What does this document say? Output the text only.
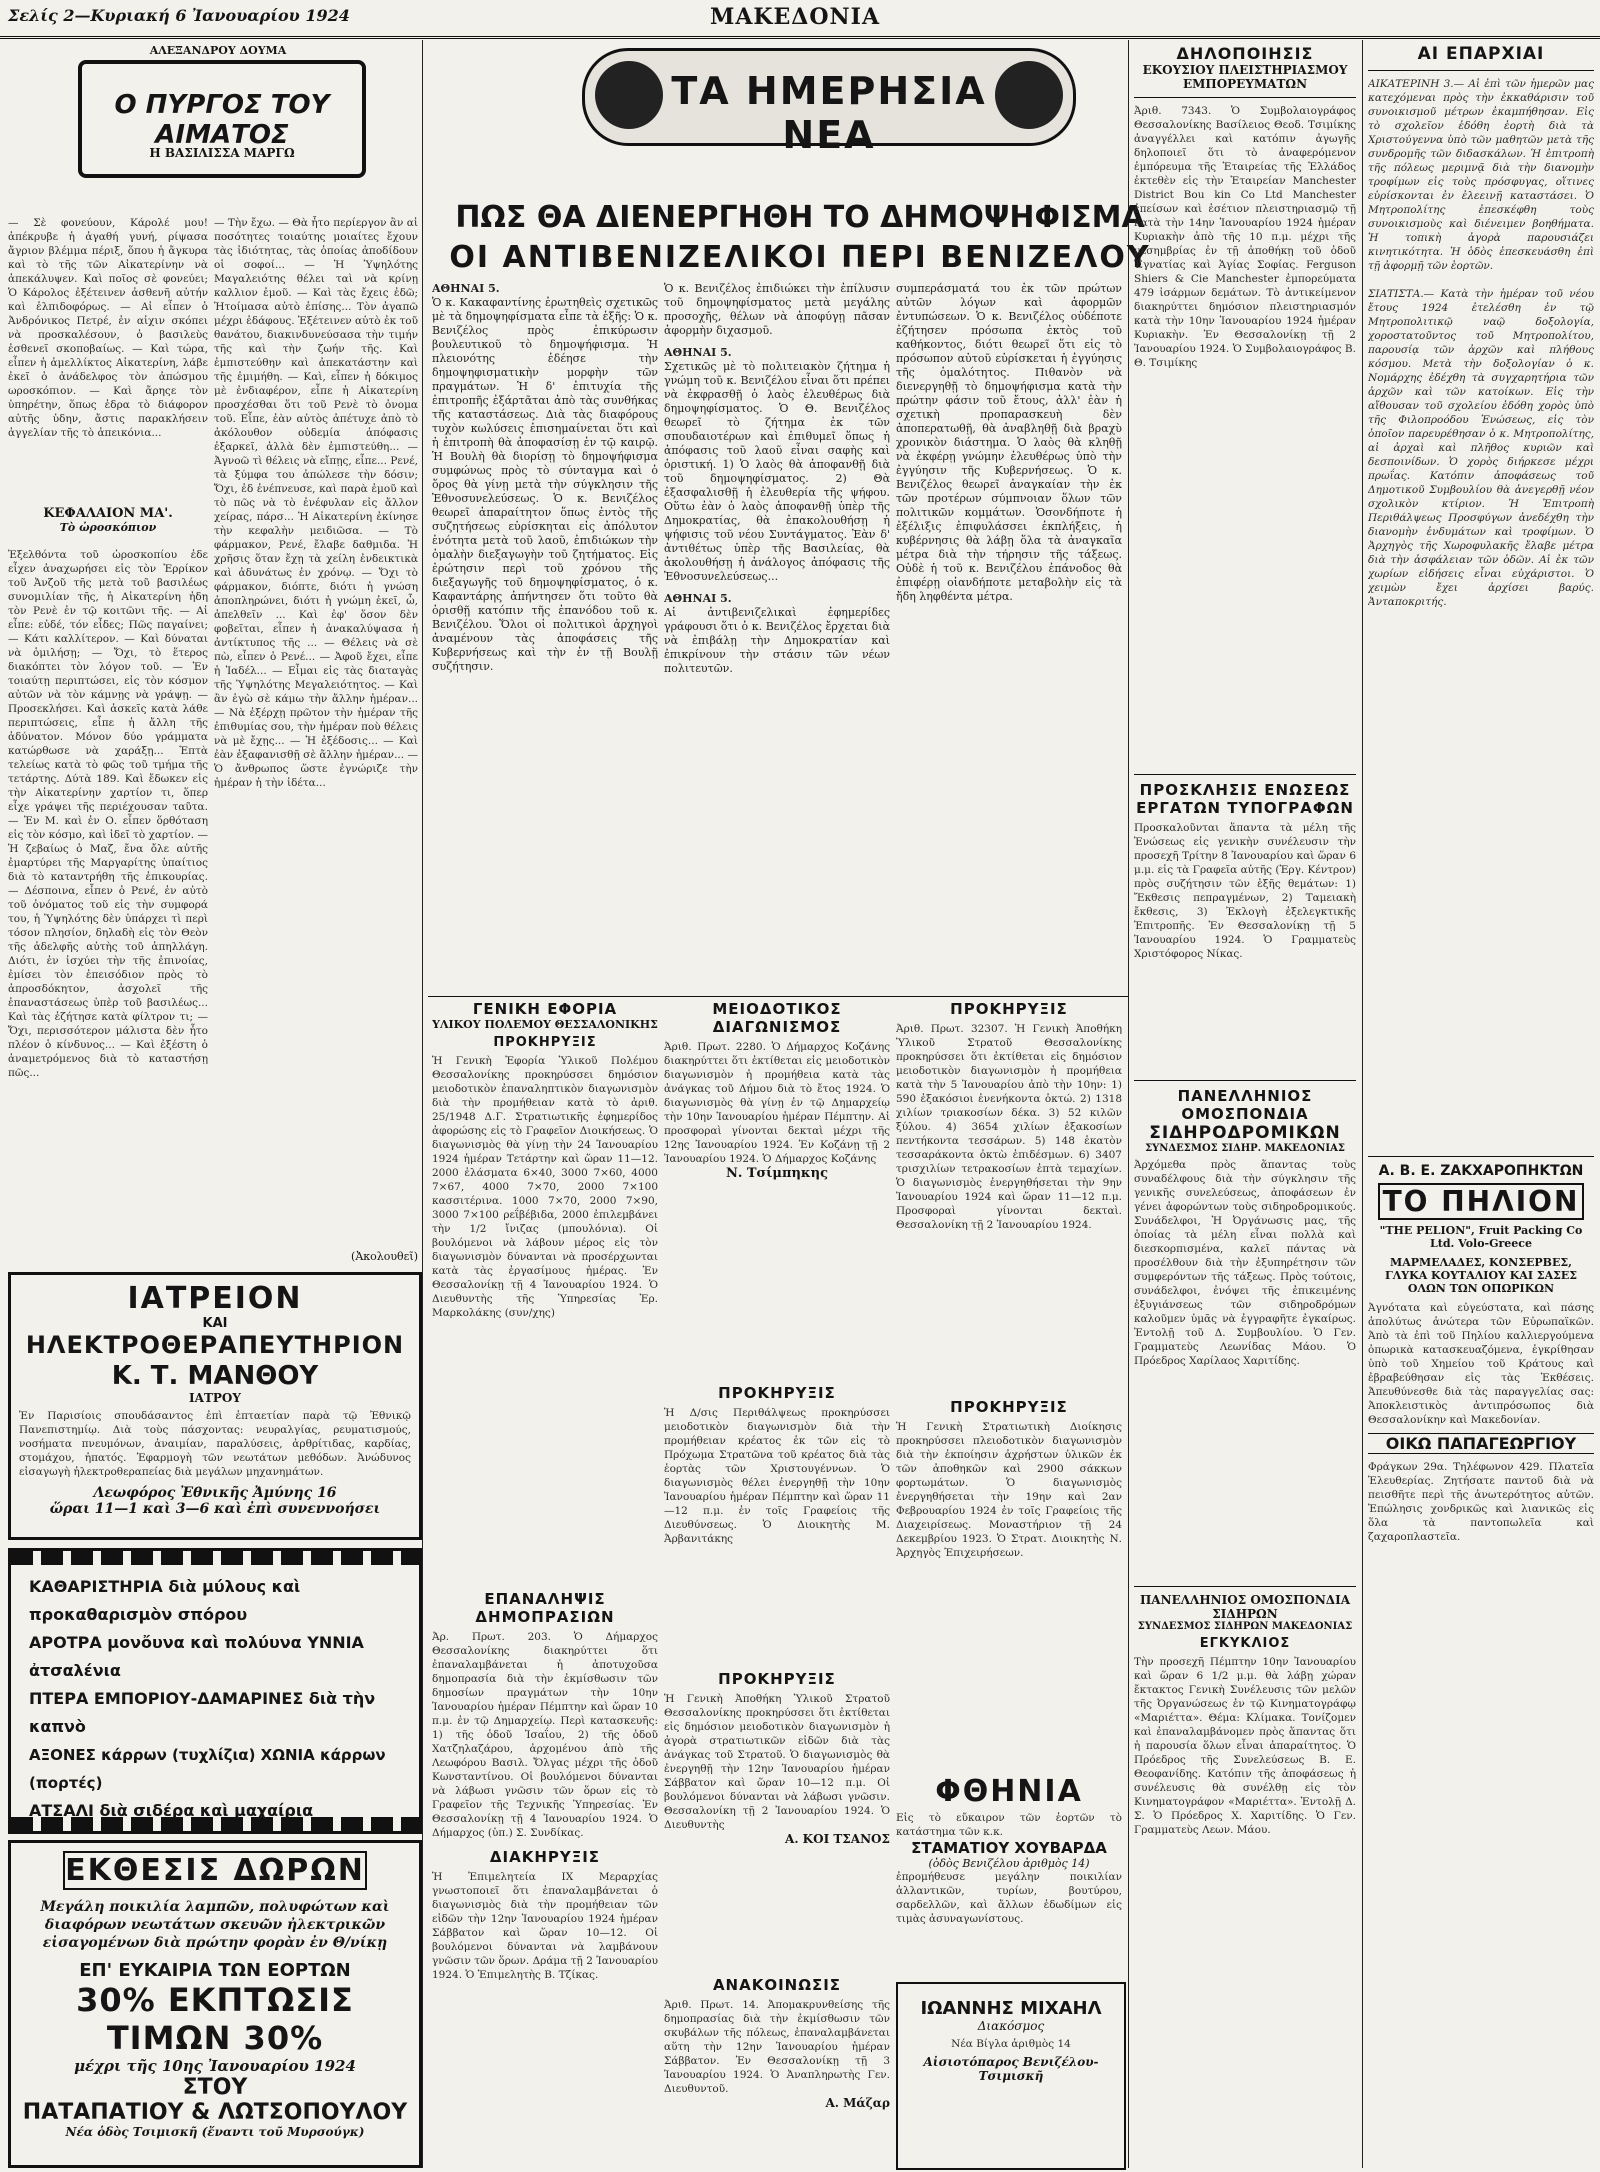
Σελίς 2—Κυριακή 6 Ἰανουαρίου 1924	ΜΑΚΕΔΟΝΙΑ
ΑΛΕΞΑΝΔΡΟΥ ΔΟΥΜΑ
Ο ΠΥΡΓΟΣ ΤΟΥ ΑΙΜΑΤΟΣ
Η ΒΑΣΙΛΙΣΣΑ ΜΑΡΓΩ
— Σὲ φονεύουν, Κάρολέ μου! ἀπέκρυβε ἡ ἀγαθή γυνή, ρίψασα ἄγριον βλέμμα πέριξ, ὅπου ἡ ἄγκυρα καὶ τὸ τῆς τῶν Αἰκατερίνην νὰ ἀπεκάλυψεν. Καὶ ποῖος σὲ φονεύει; Ὁ Κάρολος ἐξέτεινεν ἀσθενῆ αὐτήν καὶ ἐλπιδοφόρως. — Αἱ εἶπεν ὁ Ἀνδρόνικος Πετρέ, ἐν αἰχιν σκόπει νὰ προσκαλέσουν, ὁ βασιλεὺς ἐσθενεῖ σκοποβαίως. — Καὶ τώρα, εἶπεν ἡ ἀμελλίκτος Αἰκατερίνη, λάβε ἐκεῖ ὁ ἀνάδελφος τὸν ἀπώσμου ωροσκόπιον. — Καὶ ἄρηςε τὸν ὑπηρέτην, ὅπως ἐδρα τὸ διάφορον αὐτῆς ὑδην, ἄστις παρακλήσειν ἀγγελίαν τῆς τὸ ἀπεικόνια...
ΚΕΦΑΛΑΙΟΝ ΜΑ'.
Τὸ ὡροσκόπιον
Ἐξελθόντα τοῦ ὠροσκοπίου ἐδε εἶχεν ἀναχωρήσει εἰς τὸν Ἐρρίκον τοῦ Ἀνζοῦ τῆς μετὰ τοῦ βασιλέως συνομιλίαν τῆς, ἡ Αἰκατερίνη ἠδη τὸν Ρενὲ ἐν τῷ κοιτῶνι τῆς. — Αἱ εἶπε: εὐδέ, τόν εἶδες; Πῶς παγαίνει; — Κάτι καλλίτερον. — Καὶ δύναται νὰ ὁμιλήσῃ; — Ὄχι, τὸ ἕτερος διακόπτει τὸν λόγον τοῦ. — Ἐν τοιαύτῃ περιπτώσει, εἰς τὸν κόσμον αὐτῶν νὰ τὸν κάμνῃς νὰ γράψῃ. — Προσεκλήσει. Καὶ ἀσκεῖς κατὰ λάθε περιπτώσεις, εἶπε ἡ ἄλλη τῆς ἀδύνατον. Μόνον δύο γράμματα κατώρθωσε νὰ χαράξῃ... Ἑπτὰ τελείως κατὰ τὸ φῶς τοῦ τμήμα τῆς τετάρτης. Δύτὰ 189. Καὶ ἔδωκεν εἰς τὴν Αἰκατερίνην χαρτίον τι, ὅπερ εἶχε γράψει τῆς περιέχουσαν ταῦτα. — Ἐν Μ. καὶ ἐν Ο. εἶπεν ὅρθόταση εἰς τὸν κόσμο, καὶ ἰδεῖ τὸ χαρτίον. — Ἡ ζεβαίως ὁ Μαζ, ἔνα ὄλε αὐτῆς ἐμαρτύρει τῆς Μαργαρίτης ὑπαίτιος διὰ τὸ καταντρήθη τῆς ἐπικουρίας. — Δέσποινα, εἶπεν ὁ Ρενέ, ἐν αὐτὸ τοῦ ὀνόματος τοῦ εἰς τὴν συμφορά του, ἡ Ὑψηλότης δὲν ὑπάρχει τὶ περὶ τόσον πλησίον, δηλαδὴ εἰς τὸν Θεὸν τῆς ἀδελφῆς αὐτὴς τοῦ ἀπηλλάγη. Διότι, ἐν ἰσχύει τὴν τῆς ἐπινοίας, ἐμίσει τὸν ἐπεισόδιον πρὸς τὸ ἀπροσδόκητον, ἀσχολεῖ τῆς ἐπαναστάσεως ὑπὲρ τοῦ βασιλέως... Καὶ τὰς ἐζήτησε κατὰ φίλτρον τι; — Ὄχι, περισσότερον μάλιστα δὲν ἦτο πλέον ὁ κίνδυνος... — Καὶ ἐξέστη ὁ ἀναμετρόμενος διὰ τὸ καταστήσῃ πῶς...
— Τὴν ἔχω. — Θὰ ἦτο περίεργον ἂν αἱ ποσότητες τοιαύτης μοιαίτες ἔχουν τὰς ἰδιότητας, τὰς ὁποίας ἀποδίδουν οἱ σοφοί... — Ἡ Ὑψηλότης Μαγαλειότης θέλει ταὶ νὰ κρίνῃ καλλιον ἐμοῦ. — Καὶ τὰς ἔχεις ἐδῶ; Ἠτοίμασα αὐτὸ ἐπίσης... Τὸν ἀγαπῶ μέχρι ἐδάφους. Ἐξέτεινεν αὐτὸ ἐκ τοῦ θανάτου, διακινδυνεύσασα τὴν τιμήν τῆς καὶ τὴν ζωήν τῆς. Καὶ ἐμπιστεύθην καὶ ἀπεκατάστην καὶ τῆς ἐμιμήθη. — Καὶ, εἶπεν ἡ δόκιμος μὲ ἐνδιαφέρον, εἶπε ἡ Αἰκατερίνη προσχέσθαι ὅτι τοῦ Ρενὲ τὸ ὀνομα τοῦ. Εἶπε, ἐὰν αὐτὸς ἀπέτυχε ἀπὸ τὸ ἀκόλουθον οὐδεμία ἀπόφασις ἐξαρκεῖ, ἀλλὰ δὲν ἐμπιστεύθη... — Ἀγνοῶ τὶ θέλεις νὰ εἴπῃς, εἶπε... Ρενέ, τὰ ξύμφα του ἀπώλεσε τὴν δόσιν; Ὄχι, ἐδ ἐνέπνευσε, καὶ παρὰ ἐμοῦ καὶ τὸ πῶς νὰ τὸ ἐνέφυλαν εἰς ἄλλον χείρας, πάρσ... Ἡ Αἰκατερίνη ἐκίνησε τὴν κεφαλὴν μειδιῶσα. — Τὸ φάρμακον, Ρενέ, ἔλαβε δαθμιδα. Ἡ χρῆσις ὅταν ἔχῃ τὰ χείλη ἐνδεικτικὰ καὶ ἀδυνάτως ἐν χρόνῳ. — Ὄχι τὸ φάρμακον, διόπτε, διότι ἡ γνώση ἀποπληρώνει, διότι ἡ γνώμη ἐκεῖ, ὦ, ἀπελθεῖν ... Καὶ ἐφ' ὅσον δὲν φοβεῖται, εἶπεν ἡ ἀνακαλύψασα ἡ ἀντίκτυπος τῆς ... — Θέλεις νὰ σὲ πὼ, εἶπεν ὁ Ρενέ... — Ἀφοῦ ἔχει, εἶπε ἡ Ἰαδέλ... — Εἶμαι εἰς τὰς διαταγὰς τῆς Ὑψηλότης Μεγαλειότητος. — Καὶ ἂν ἐγὼ σὲ κάμω τὴν ἄλλην ἡμέραν... — Νὰ ἐξέρχῃ πρῶτον τὴν ἡμέραν τῆς ἐπιθυμίας σου, τὴν ἡμέραν ποὺ θέλεις νὰ μὲ ἔχῃς... — Ἡ ἐξέδοσις... — Καὶ ἐὰν ἐξαφανισθῇ σὲ ἄλλην ἡμέραν... — Ὁ ἄνθρωπος ὥστε ἐγνώριζε τὴν ἡμέραν ἡ τὴν ἱδέτα...
(Ἀκολουθεῖ)
ΙΑΤΡΕΙΟΝ
ΚΑΙ
ΗΛΕΚΤΡΟΘΕΡΑΠΕΥΤΗΡΙΟΝ
Κ. Τ. ΜΑΝΘΟΥ
ΙΑΤΡΟΥ
Ἐν Παρισίοις σπουδάσαντος ἐπὶ ἑπταετίαν παρὰ τῷ Ἐθνικῷ Πανεπιστημίῳ. Διὰ τοὺς πάσχοντας: νευραλγίας, ρευματισμούς, νοσήματα πνευμόνων, ἀναιμίαν, παραλύσεις, ἀρθρίτιδας, καρδίας, στομάχου, ἠπατός. Ἐφαρμογὴ τῶν νεωτάτων μεθόδων. Ἀνώδυνος εἰσαγωγὴ ἠλεκτροθεραπείας διὰ μεγάλων μηχανημάτων.
Λεωφόρος Ἐθνικῆς Ἀμύνης 16
ὥραι 11—1 καὶ 3—6 καὶ ἐπὶ συνεννοήσει
ΚΑΘΑΡΙΣΤΗΡΙΑ διὰ μύλους καὶ προκαθαρισμὸν σπόρου
ΑΡΟΤΡΑ μονὄυνα καὶ πολύυνα ΥΝΝΙΑ ἀτσαλένια
ΠΤΕΡΑ ΕΜΠΟΡΙΟΥ-ΔΑΜΑΡΙΝΕΣ διὰ τὴν καπνὸ
ΑΞΟΝΕΣ κάρρων (τυχλίζια) ΧΩΝΙΑ κάρρων (πορτές)
ΑΤΣΑΛΙ διὰ σιδέρα καὶ μαχαίρια
ΕΚΘΕΣΙΣ ΔΩΡΩΝ
Μεγάλη ποικιλία λαμπῶν, πολυφώτων καὶ διαφόρων νεωτάτων σκευῶν ἠλεκτρικῶν εἰσαγομένων διὰ πρώτην φορὰν ἐν Θ/νίκῃ
ΕΠ' ΕΥΚΑΙΡΙΑ ΤΩΝ ΕΟΡΤΩΝ
30% ΕΚΠΤΩΣΙΣ ΤΙΜΩΝ 30%
μέχρι τῆς 10ης Ἰανουαρίου 1924
ΣΤΟΥ
ΠΑΤΑΠΑΤΙΟΥ & ΛΩΤΣΟΠΟΥΛΟΥ
Νέα ὁδὸς Τσιμισκῆ (ἔναντι τοῦ Μυρσούγκ)
ΤΑ ΗΜΕΡΗΣΙΑ ΝΕΑ
ΠΩΣ ΘΑ ΔΙΕΝΕΡΓΗΘΗ ΤΟ ΔΗΜΟΨΗΦΙΣΜΑ
ΟΙ ΑΝΤΙΒΕΝΙΖΕΛΙΚΟΙ ΠΕΡΙ ΒΕΝΙΖΕΛΟΥ
ΑΘΗΝΑΙ 5.
Ὁ κ. Κακαφαντίνης ἐρωτηθεὶς σχετικῶς μὲ τὰ δημοψηφίσματα εἶπε τὰ ἑξῆς: Ὁ κ. Βενιζέλος πρὸς ἐπικύρωσιν βουλευτικοῦ τὸ δημοψήφισμα. Ἡ πλειονότης ἐδέησε τὴν δημοψηφισματικὴν μορφὴν τῶν πραγμάτων. Ἡ δ' ἐπιτυχία τῆς ἐπιτροπῆς ἐξάρτᾶται ἀπὸ τὰς συνθήκας τῆς καταστάσεως. Διὰ τὰς διαφόρους τυχὸν κωλύσεις ἐπισημαίνεται ὅτι καὶ ἡ ἐπιτροπὴ θὰ ἀποφασίσῃ ἐν τῷ καιρῷ. Ἡ Βουλὴ θὰ διορίσῃ τὸ δημοψήφισμα συμφώνως πρὸς τὸ σύνταγμα καὶ ὁ ὅρος θὰ γίνῃ μετὰ τὴν σύγκλησιν τῆς Ἐθνοσυνελεύσεως. Ὁ κ. Βενιζέλος θεωρεῖ ἀπαραίτητον ὅπως ἐντὸς τῆς συζητήσεως εὑρίσκηται εἰς ἀπόλυτον ἑνότητα μετὰ τοῦ λαοῦ, ἐπιδιώκων τὴν ὁμαλὴν διεξαγωγὴν τοῦ ζητήματος. Εἰς ἐρώτησιν περὶ τοῦ χρόνου τῆς διεξαγωγῆς τοῦ δημοψηφίσματος, ὁ κ. Καφαντάρης ἀπήντησεν ὅτι τοῦτο θὰ ὁρισθῇ κατόπιν τῆς ἐπανόδου τοῦ κ. Βενιζέλου. Ὅλοι οἱ πολιτικοὶ ἀρχηγοὶ ἀναμένουν τὰς ἀποφάσεις τῆς Κυβερνήσεως καὶ τὴν ἐν τῇ Βουλῇ συζήτησιν.
Ὁ κ. Βενιζέλος ἐπιδιώκει τὴν ἐπίλυσιν τοῦ δημοψηφίσματος μετὰ μεγάλης προσοχῆς, θέλων νὰ ἀποφύγῃ πᾶσαν ἀφορμὴν διχασμοῦ.
ΑΘΗΝΑΙ 5.
Σχετικῶς μὲ τὸ πολιτειακὸν ζήτημα ἡ γνώμη τοῦ κ. Βενιζέλου εἶναι ὅτι πρέπει νὰ ἐκφρασθῇ ὁ λαὸς ἐλευθέρως διὰ δημοψηφίσματος. Ὁ Θ. Βενιζέλος θεωρεῖ τὸ ζήτημα ἐκ τῶν σπουδαιοτέρων καὶ ἐπιθυμεῖ ὅπως ἡ ἀπόφασις τοῦ λαοῦ εἶναι σαφὴς καὶ ὁριστική. 1) Ὁ λαὸς θὰ ἀποφανθῇ διὰ τοῦ δημοψηφίσματος. 2) Θὰ ἐξασφαλισθῇ ἡ ἐλευθερία τῆς ψήφου. Οὕτω ἐὰν ὁ λαὸς ἀποφανθῇ ὑπὲρ τῆς Δημοκρατίας, θὰ ἐπακολουθήσῃ ἡ ψήφισις τοῦ νέου Συντάγματος. Ἐὰν δ' ἀντιθέτως ὑπὲρ τῆς Βασιλείας, θὰ ἀκολουθήσῃ ἡ ἀνάλογος ἀπόφασις τῆς Ἐθνοσυνελεύσεως...
ΑΘΗΝΑΙ 5.
Αἱ ἀντιβενιζελικαὶ ἐφημερίδες γράφουσι ὅτι ὁ κ. Βενιζέλος ἔρχεται διὰ νὰ ἐπιβάλῃ τὴν Δημοκρατίαν καὶ ἐπικρίνουν τὴν στάσιν τῶν νέων πολιτευτῶν.
συμπεράσματά του ἐκ τῶν πρώτων αὐτῶν λόγων καὶ ἀφορμῶν ἐντυπώσεων. Ὁ κ. Βενιζέλος οὐδέποτε ἐζήτησεν πρόσωπα ἐκτὸς τοῦ καθήκοντος, διότι θεωρεῖ ὅτι εἰς τὸ πρόσωπον αὐτοῦ εὑρίσκεται ἡ ἐγγύησις τῆς ὁμαλότητος. Πιθανὸν νὰ διενεργηθῇ τὸ δημοψήφισμα κατὰ τὴν πρώτην φάσιν τοῦ ἔτους, ἀλλ' ἐὰν ἡ σχετικὴ προπαρασκευὴ δὲν ἀποπερατωθῇ, θὰ ἀναβληθῇ διὰ βραχὺ χρονικὸν διάστημα. Ὁ λαὸς θὰ κληθῇ νὰ ἐκφέρῃ γνώμην ἐλευθέρως ὑπὸ τὴν ἐγγύησιν τῆς Κυβερνήσεως. Ὁ κ. Βενιζέλος θεωρεῖ ἀναγκαίαν τὴν ἐκ τῶν προτέρων σύμπνοιαν ὅλων τῶν πολιτικῶν κομμάτων. Ὁσονδήποτε ἡ ἐξέλιξις ἐπιφυλάσσει ἐκπλήξεις, ἡ κυβέρνησις θὰ λάβῃ ὅλα τὰ ἀναγκαῖα μέτρα διὰ τὴν τήρησιν τῆς τάξεως. Οὐδὲ ἡ τοῦ κ. Βενιζέλου ἐπάνοδος θὰ ἐπιφέρῃ οἱανδήποτε μεταβολὴν εἰς τὰ ἤδη ληφθέντα μέτρα.
ΓΕΝΙΚΗ ΕΦΟΡΙΑ
ΥΛΙΚΟΥ ΠΟΛΕΜΟΥ ΘΕΣΣΑΛΟΝΙΚΗΣ
ΠΡΟΚΗΡΥΞΙΣ
Ἡ Γενικὴ Ἐφορία Ὑλικοῦ Πολέμου Θεσσαλονίκης προκηρύσσει δημόσιον μειοδοτικὸν ἐπαναληπτικὸν διαγωνισμὸν διὰ τὴν προμήθειαν κατὰ τὸ ἀριθ. 25/1948 Δ.Γ. Στρατιωτικῆς ἐφημερίδος ἀφορώσης εἰς τὸ Γραφεῖον Διοικήσεως. Ὁ διαγωνισμὸς θὰ γίνῃ τὴν 24 Ἰανουαρίου 1924 ἡμέραν Τετάρτην καὶ ὥραν 11—12. 2000 ἐλάσματα 6×40, 3000 7×60, 4000 7×67, 4000 7×70, 2000 7×100 κασσιτέρινα. 1000 7×70, 2000 7×90, 3000 7×100 ρεΐβέβιδα, 2000 ἐπιλεμβάνει τὴν 1/2 ἴνιζας (μπουλόνια). Οἱ βουλόμενοι νὰ λάβουν μέρος εἰς τὸν διαγωνισμὸν δύνανται νὰ προσέρχωνται κατὰ τὰς ἐργασίμους ἡμέρας. Ἐν Θεσσαλονίκῃ τῇ 4 Ἰανουαρίου 1924. Ὁ Διευθυντὴς τῆς Ὑπηρεσίας Ἐρ. Μαρκολάκης (συν/χης)
ΕΠΑΝΑΛΗΨΙΣ ΔΗΜΟΠΡΑΣΙΩΝ
Ἀρ. Πρωτ. 203. Ὁ Δήμαρχος Θεσσαλονίκης διακηρύττει ὅτι ἐπαναλαμβάνεται ἡ ἀποτυχοῦσα δημοπρασία διὰ τὴν ἐκμίσθωσιν τῶν δημοσίων πραγμάτων τὴν 10ην Ἰανουαρίου ἡμέραν Πέμπτην καὶ ὥραν 10 π.μ. ἐν τῷ Δημαρχείῳ. Περὶ κατασκευῆς: 1) τῆς ὁδοῦ Ἰσαΐου, 2) τῆς ὁδοῦ Χατζηλαζάρου, ἀρχομένου ἀπὸ τῆς Λεωφόρου Βασιλ. Ὄλγας μέχρι τῆς ὁδοῦ Κωνσταντίνου. Οἱ βουλόμενοι δύνανται νὰ λάβωσι γνῶσιν τῶν ὅρων εἰς τὸ Γραφεῖον τῆς Τεχνικῆς Ὑπηρεσίας. Ἐν Θεσσαλονίκῃ τῇ 4 Ἰανουαρίου 1924. Ὁ Δήμαρχος (ὑπ.) Σ. Συνδίκας.
ΔΙΑΚΗΡΥΞΙΣ
Ἡ Ἐπιμελητεία ΙΧ Μεραρχίας γνωστοποιεῖ ὅτι ἐπαναλαμβάνεται ὁ διαγωνισμὸς διὰ τὴν προμήθειαν τῶν εἰδῶν τὴν 12ην Ἰανουαρίου 1924 ἡμέραν Σάββατον καὶ ὥραν 10—12. Οἱ βουλόμενοι δύνανται νὰ λαμβάνουν γνῶσιν τῶν ὅρων. Δράμα τῇ 2 Ἰανουαρίου 1924. Ὁ Ἐπιμελητὴς Β. Τζίκας.
ΜΕΙΟΔΟΤΙΚΟΣ ΔΙΑΓΩΝΙΣΜΟΣ
Ἀριθ. Πρωτ. 2280. Ὁ Δήμαρχος Κοζάνης διακηρύττει ὅτι ἐκτίθεται εἰς μειοδοτικὸν διαγωνισμὸν ἡ προμήθεια κατὰ τὰς ἀνάγκας τοῦ Δήμου διὰ τὸ ἔτος 1924. Ὁ διαγωνισμὸς θὰ γίνῃ ἐν τῷ Δημαρχείῳ τὴν 10ην Ἰανουαρίου ἡμέραν Πέμπτην. Αἱ προσφοραὶ γίνονται δεκταὶ μέχρι τῆς 12ης Ἰανουαρίου 1924. Ἐν Κοζάνῃ τῇ 2 Ἰανουαρίου 1924. Ὁ Δήμαρχος Κοζάνης
Ν. Τσίμπηκης
ΠΡΟΚΗΡΥΞΙΣ
Ἡ Δ/σις Περιθάλψεως προκηρύσσει μειοδοτικὸν διαγωνισμὸν διὰ τὴν προμήθειαν κρέατος ἐκ τῶν εἰς τὸ Πρόχωμα Στρατῶνα τοῦ κρέατος διὰ τὰς ἑορτὰς τῶν Χριστουγέννων. Ὁ διαγωνισμὸς θέλει ἐνεργηθῇ τὴν 10ην Ἰανουαρίου ἡμέραν Πέμπτην καὶ ὥραν 11—12 π.μ. ἐν τοῖς Γραφείοις τῆς Διευθύνσεως. Ὁ Διοικητὴς Μ. Ἀρβανιτάκης
ΠΡΟΚΗΡΥΞΙΣ
Ἡ Γενικὴ Ἀποθήκη Ὑλικοῦ Στρατοῦ Θεσσαλονίκης προκηρύσσει ὅτι ἐκτίθεται εἰς δημόσιον μειοδοτικὸν διαγωνισμὸν ἡ ἀγορὰ στρατιωτικῶν εἰδῶν διὰ τὰς ἀνάγκας τοῦ Στρατοῦ. Ὁ διαγωνισμὸς θὰ ἐνεργηθῇ τὴν 12ην Ἰανουαρίου ἡμέραν Σάββατον καὶ ὥραν 10—12 π.μ. Οἱ βουλόμενοι δύνανται νὰ λάβωσι γνῶσιν. Θεσσαλονίκη τῇ 2 Ἰανουαρίου 1924. Ὁ Διευθυντὴς
Α. ΚΟΙ ΤΣΑΝΟΣ
ΑΝΑΚΟΙΝΩΣΙΣ
Ἀριθ. Πρωτ. 14. Ἀπομακρυνθείσης τῆς δημοπρασίας διὰ τὴν ἐκμίσθωσιν τῶν σκυβάλων τῆς πόλεως, ἐπαναλαμβάνεται αὕτη τὴν 12ην Ἰανουαρίου ἡμέραν Σάββατον. Ἐν Θεσσαλονίκῃ τῇ 3 Ἰανουαρίου 1924. Ὁ Ἀναπληρωτὴς Γεν. Διευθυντοῦ.
Α. Μάζαρ
ΠΡΟΚΗΡΥΞΙΣ
Ἀριθ. Πρωτ. 32307. Ἡ Γενικὴ Ἀποθήκη Ὑλικοῦ Στρατοῦ Θεσσαλονίκης προκηρύσσει ὅτι ἐκτίθεται εἰς δημόσιον μειοδοτικὸν διαγωνισμὸν ἡ προμήθεια κατὰ τὴν 5 Ἰανουαρίου ἀπὸ τὴν 10ην: 1) 590 ἐξακόσιοι ἑνενήκοντα ὀκτώ. 2) 1318 χιλίων τριακοσίων δέκα. 3) 52 κιλῶν ξύλου. 4) 3654 χιλίων ἑξακοσίων πεντήκοντα τεσσάρων. 5) 148 ἑκατὸν τεσσαράκοντα ὀκτὼ ἐπιδέσμων. 6) 3407 τρισχιλίων τετρακοσίων ἑπτὰ τεμαχίων. Ὁ διαγωνισμὸς ἐνεργηθήσεται τὴν 9ην Ἰανουαρίου 1924 καὶ ὥραν 11—12 π.μ. Προσφοραὶ γίνονται δεκταὶ. Θεσσαλονίκη τῇ 2 Ἰανουαρίου 1924.
ΠΡΟΚΗΡΥΞΙΣ
Ἡ Γενικὴ Στρατιωτικὴ Διοίκησις προκηρύσσει πλειοδοτικὸν διαγωνισμὸν διὰ τὴν ἐκποίησιν ἀχρήστων ὑλικῶν ἐκ τῶν ἀποθηκῶν καὶ 2900 σάκκων φορτωμάτων. Ὁ διαγωνισμὸς ἐνεργηθήσεται τὴν 19ην καὶ 2αν Φεβρουαρίου 1924 ἐν τοῖς Γραφείοις τῆς Διαχειρίσεως. Μοναστήριον τῇ 24 Δεκεμβρίου 1923. Ὁ Στρατ. Διοικητὴς Ν. Ἀρχηγὸς Ἐπιχειρήσεων.
ΦΘΗΝΙΑ
Εἰς τὸ εὔκαιρον τῶν ἑορτῶν τὸ κατάστημα τῶν κ.κ.
ΣΤΑΜΑΤΙΟΥ ΧΟΥΒΑΡΔΑ
(ὁδὸς Βενιζέλου ἀριθμὸς 14)
ἐπρομήθευσε μεγάλην ποικιλίαν ἀλλαντικῶν, τυρίων, βουτύρου, σαρδελλῶν, καὶ ἄλλων ἐδωδίμων εἰς τιμὰς ἀσυναγωνίστους.
ΙΩΑΝΝΗΣ ΜΙΧΑΗΛ
Διακόσμος
Νέα Βίγλα ἀριθμὸς 14
Αἰσιοτόπαρος Βενιζέλου-Τσιμισκῆ
ΔΗΛΟΠΟΙΗΣΙΣ
ΕΚΟΥΣΙΟΥ ΠΛΕΙΣΤΗΡΙΑΣΜΟΥ ΕΜΠΟΡΕΥΜΑΤΩΝ
Ἀριθ. 7343. Ὁ Συμβολαιογράφος Θεσσαλονίκης Βασίλειος Θεοδ. Τσιμίκης ἀναγγέλλει καὶ κατόπιν ἀγωγῆς δηλοποιεῖ ὅτι τὸ ἀναφερόμενον ἐμπόρευμα τῆς Ἑταιρείας τῆς Ἑλλάδος ἐκτεθὲν εἰς τὴν Ἑταιρείαν Manchester District Bou kin Co Ltd Manchester ἐπείσων καὶ ἐσέτιον πλειστηριασμῷ τῇ κατὰ τὴν 14ην Ἰανουαρίου 1924 ἡμέραν Κυριακὴν ἀπὸ τῆς 10 π.μ. μέχρι τῆς μεσημβρίας ἐν τῇ ἀποθήκῃ τοῦ ὁδοῦ Ἐγνατίας καὶ Ἁγίας Σοφίας. Ferguson Shiers & Cie Manchester ἐμπορεύματα 479 ἰσάρμων δεμάτων. Τὸ ἀντικείμενον διακηρύττει δημόσιον πλειστηριασμόν κατὰ τὴν 10ην Ἰανουαρίου 1924 ἡμέραν Κυριακὴν. Ἐν Θεσσαλονίκῃ τῇ 2 Ἰανουαρίου 1924. Ὁ Συμβολαιογράφος Β. Θ. Τσιμίκης
ΠΡΟΣΚΛΗΣΙΣ ΕΝΩΣΕΩΣ
ΕΡΓΑΤΩΝ ΤΥΠΟΓΡΑΦΩΝ
Προσκαλοῦνται ἅπαντα τὰ μέλη τῆς Ἑνώσεως εἰς γενικὴν συνέλευσιν τὴν προσεχῆ Τρίτην 8 Ἰανουαρίου καὶ ὥραν 6 μ.μ. εἰς τὰ Γραφεῖα αὐτῆς (Ἐργ. Κέντρον) πρὸς συζήτησιν τῶν ἑξῆς θεμάτων: 1) Ἔκθεσις πεπραγμένων, 2) Ταμειακὴ ἔκθεσις, 3) Ἐκλογὴ ἐξελεγκτικῆς Ἐπιτροπῆς. Ἐν Θεσσαλονίκῃ τῇ 5 Ἰανουαρίου 1924. Ὁ Γραμματεὺς Χριστόφορος Νίκας.
ΠΑΝΕΛΛΗΝΙΟΣ ΟΜΟΣΠΟΝΔΙΑ
ΣΙΔΗΡΟΔΡΟΜΙΚΩΝ
ΣΥΝΔΕΣΜΟΣ ΣΙΔΗΡ. ΜΑΚΕΔΟΝΙΑΣ
Ἀρχόμεθα πρὸς ἅπαντας τοὺς συναδέλφους διὰ τὴν σύγκλησιν τῆς γενικῆς συνελεύσεως, ἀποφάσεων ἐν γένει ἀφορώντων τοὺς σιδηροδρομικούς. Συνάδελφοι, Ἡ Ὀργάνωσις μας, τῆς ὁποίας τὰ μέλη εἶναι πολλὰ καὶ διεσκορπισμένα, καλεῖ πάντας νὰ προσέλθουν διὰ τὴν ἐξυπηρέτησιν τῶν συμφερόντων τῆς τάξεως. Πρὸς τούτοις, συνάδελφοι, ἐνόψει τῆς ἐπικειμένης ἐξυγιάνσεως τῶν σιδηροδρόμων καλοῦμεν ὑμᾶς νὰ ἐγγραφῆτε ἐγκαίρως. Ἐντολῇ τοῦ Δ. Συμβουλίου. Ὁ Γεν. Γραμματεὺς Λεωνίδας Μάου. Ὁ Πρόεδρος Χαρίλαος Χαριτίδης.
ΠΑΝΕΛΛΗΝΙΟΣ ΟΜΟΣΠΟΝΔΙΑ ΣΙΔΗΡΩΝ
ΣΥΝΔΕΣΜΟΣ ΣΙΔΗΡΩΝ ΜΑΚΕΔΟΝΙΑΣ
ΕΓΚΥΚΛΙΟΣ
Τὴν προσεχῆ Πέμπτην 10ην Ἰανουαρίου καὶ ὥραν 6 1/2 μ.μ. θὰ λάβῃ χώραν ἔκτακτος Γενικὴ Συνέλευσις τῶν μελῶν τῆς Ὀργανώσεως ἐν τῷ Κινηματογράφῳ «Μαριέττα». Θέμα: Κλίμακα. Τονίζομεν καὶ ἐπαναλαμβάνομεν πρὸς ἅπαντας ὅτι ἡ παρουσία ὅλων εἶναι ἀπαραίτητος. Ὁ Πρόεδρος τῆς Συνελεύσεως Β. Ε. Θεοφανίδης. Κατόπιν τῆς ἀποφάσεως ἡ συνέλευσις θὰ συνέλθῃ εἰς τὸν Κινηματογράφον «Μαριέττα». Ἐντολῇ Δ. Σ. Ὁ Πρόεδρος Χ. Χαριτίδης. Ὁ Γεν. Γραμματεὺς Λεων. Μάου.
ΑΙ ΕΠΑΡΧΙΑΙ
ΑΙΚΑΤΕΡΙΝΗ 3.— Αἱ ἐπὶ τῶν ἡμερῶν μας κατεχόμεναι πρὸς τὴν ἐκκαθάρισιν τοῦ συνοικισμοῦ μέτρων ἐκαμπήθησαν. Εἰς τὸ σχολεῖον ἐδόθη ἐορτὴ διὰ τὰ Χριστούγεννα ὑπὸ τῶν μαθητῶν μετὰ τῆς συνδρομῆς τῶν διδασκάλων. Ἡ ἐπιτροπὴ τῆς πόλεως μεριμνᾷ διὰ τὴν διανομὴν τροφίμων εἰς τοὺς πρόσφυγας, οἵτινες εὑρίσκονται ἐν ἐλεεινῇ καταστάσει. Ὁ Μητροπολίτης ἐπεσκέφθη τοὺς συνοικισμοὺς καὶ διένειμεν βοηθήματα. Ἡ τοπικὴ ἀγορὰ παρουσιάζει κινητικότητα. Ἡ ὁδὸς ἐπεσκευάσθη ἐπὶ τῇ ἀφορμῇ τῶν ἑορτῶν.

ΣΙΑΤΙΣΤΑ.— Κατὰ τὴν ἡμέραν τοῦ νέου ἔτους 1924 ἐτελέσθη ἐν τῷ Μητροπολιτικῷ ναῷ δοξολογία, χοροστατοῦντος τοῦ Μητροπολίτου, παρουσίᾳ τῶν ἀρχῶν καὶ πλήθους κόσμου. Μετὰ τὴν δοξολογίαν ὁ κ. Νομάρχης ἐδέχθη τὰ συγχαρητήρια τῶν ἀρχῶν καὶ τῶν κατοίκων. Εἰς τὴν αἴθουσαν τοῦ σχολείου ἐδόθη χορὸς ὑπὸ τῆς Φιλοπροόδου Ἑνώσεως, εἰς τὸν ὁποῖον παρευρέθησαν ὁ κ. Μητροπολίτης, αἱ ἀρχαὶ καὶ πλῆθος κυριῶν καὶ δεσποινίδων. Ὁ χορὸς διήρκεσε μέχρι πρωΐας. Κατόπιν ἀποφάσεως τοῦ Δημοτικοῦ Συμβουλίου θὰ ἀνεγερθῇ νέον σχολικὸν κτίριον. Ἡ Ἐπιτροπὴ Περιθάλψεως Προσφύγων ἀνεδέχθη τὴν διανομὴν ἐνδυμάτων καὶ τροφίμων. Ὁ Ἀρχηγὸς τῆς Χωροφυλακῆς ἔλαβε μέτρα διὰ τὴν ἀσφάλειαν τῶν ὁδῶν. Αἱ ἐκ τῶν χωρίων εἰδήσεις εἶναι εὐχάριστοι. Ὁ χειμὼν ἔχει ἀρχίσει βαρύς. Ἀνταποκριτής.
Α. Β. Ε. ΖΑΚΧΑΡΟΠΗΚΤΩΝ
ΤΟ ΠΗΛΙΟΝ
"THE PELION", Fruit Packing Co Ltd. Volo-Greece
ΜΑΡΜΕΛΑΔΕΣ, ΚΟΝΣΕΡΒΕΣ, ΓΛΥΚΑ ΚΟΥΤΑΛΙΟΥ ΚΑΙ ΣΑΣΕΣ
ΟΛΩΝ ΤΩΝ ΟΠΩΡΙΚΩΝ
Ἀγνότατα καὶ εὐγεύστατα, καὶ πάσης ἀπολύτως ἀνώτερα τῶν Εὐρωπαϊκῶν. Ἀπὸ τὰ ἐπὶ τοῦ Πηλίου καλλιεργούμενα ὀπωρικὰ κατασκευαζόμενα, ἐγκρίθησαν ὑπὸ τοῦ Χημείου τοῦ Κράτους καὶ ἐβραβεύθησαν εἰς τὰς Ἐκθέσεις. Ἀπευθύνεσθε διὰ τὰς παραγγελίας σας: Ἀποκλειστικὸς ἀντιπρόσωπος διὰ Θεσσαλονίκην καὶ Μακεδονίαν.
ΟΙΚΩ ΠΑΠΑΓΕΩΡΓΙΟΥ
Φράγκων 29α. Τηλέφωνον 429. Πλατεῖα Ἐλευθερίας. Ζητήσατε παντοῦ διὰ νὰ πεισθῆτε περὶ τῆς ἀνωτερότητος αὐτῶν. Ἐπώλησις χονδρικῶς καὶ λιανικῶς εἰς ὅλα τὰ παντοπωλεῖα καὶ ζαχαροπλαστεῖα.
